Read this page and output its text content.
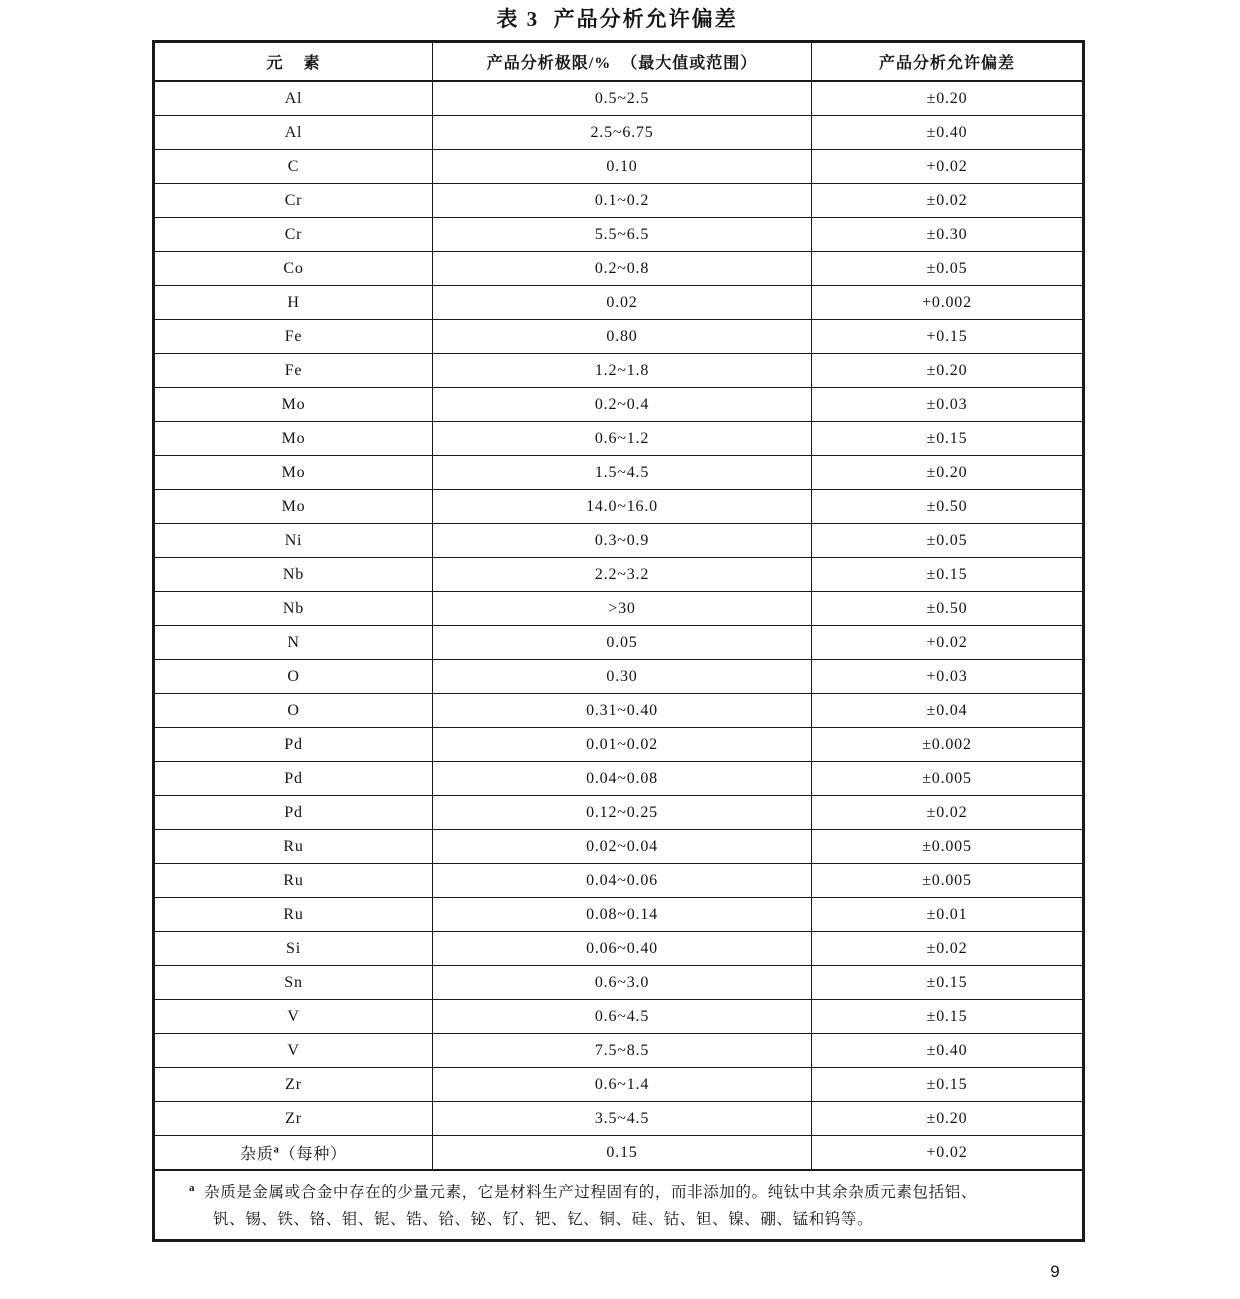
表 3  产品分析允许偏差
元    素	产品分析极限/%  （最大值或范围）	产品分析允许偏差
Al	0.5~2.5	±0.20
Al	2.5~6.75	±0.40
C	0.10	+0.02
Cr	0.1~0.2	±0.02
Cr	5.5~6.5	±0.30
Co	0.2~0.8	±0.05
H	0.02	+0.002
Fe	0.80	+0.15
Fe	1.2~1.8	±0.20
Mo	0.2~0.4	±0.03
Mo	0.6~1.2	±0.15
Mo	1.5~4.5	±0.20
Mo	14.0~16.0	±0.50
Ni	0.3~0.9	±0.05
Nb	2.2~3.2	±0.15
Nb	>30	±0.50
N	0.05	+0.02
O	0.30	+0.03
O	0.31~0.40	±0.04
Pd	0.01~0.02	±0.002
Pd	0.04~0.08	±0.005
Pd	0.12~0.25	±0.02
Ru	0.02~0.04	±0.005
Ru	0.04~0.06	±0.005
Ru	0.08~0.14	±0.01
Si	0.06~0.40	±0.02
Sn	0.6~3.0	±0.15
V	0.6~4.5	±0.15
V	7.5~8.5	±0.40
Zr	0.6~1.4	±0.15
Zr	3.5~4.5	±0.20
杂质$^a$（每种）	0.15	+0.02

$^a$ 杂质是金属或合金中存在的少量元素，它是材料生产过程固有的，而非添加的。纯钛中其余杂质元素包括铝、
钒、锡、铁、铬、钼、铌、锆、铪、铋、钌、钯、钇、铜、硅、钴、钽、镍、硼、锰和钨等。		
9
